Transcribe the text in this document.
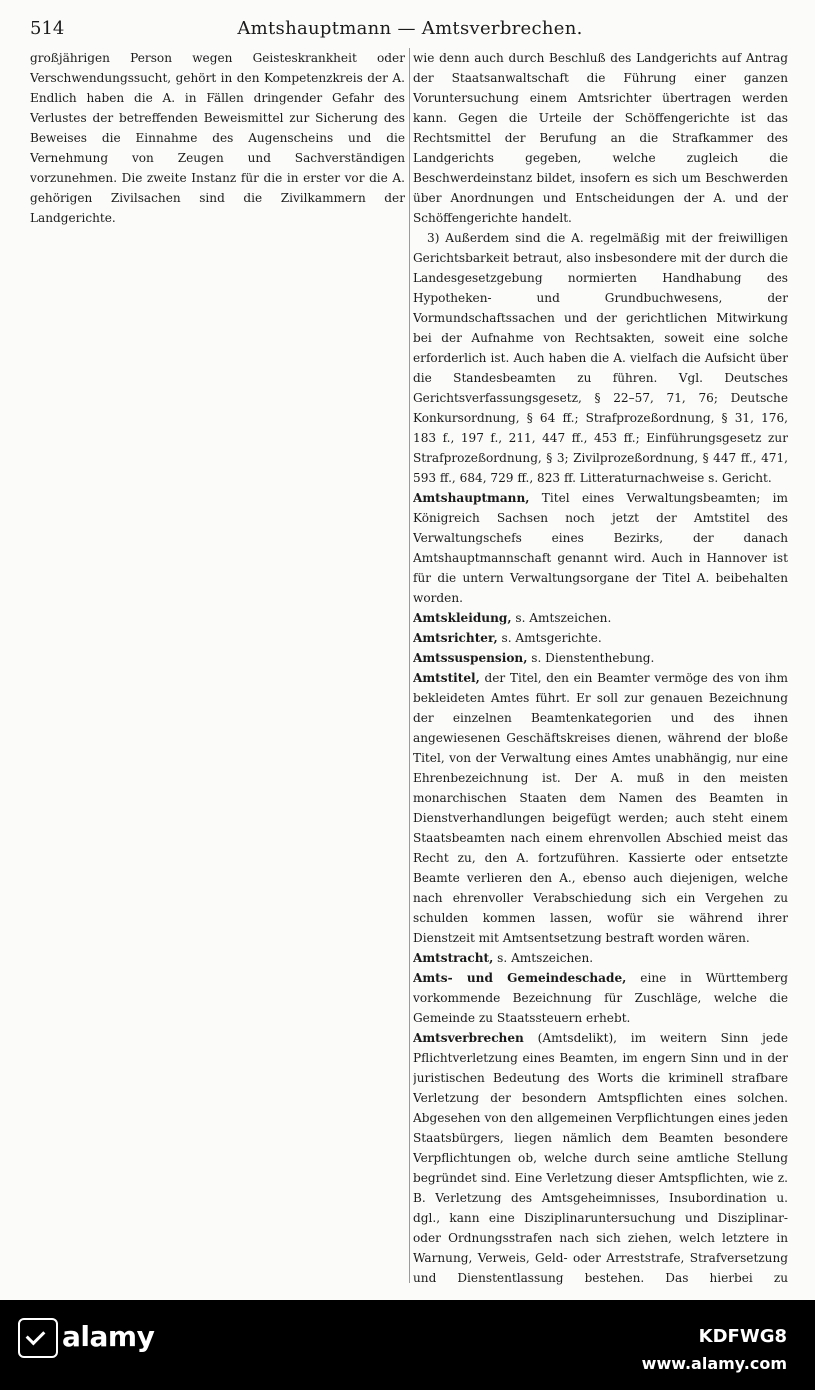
514	Amtshauptmann — Amtsverbrechen.

großjährigen Person wegen Geisteskrankheit oder Verschwendungssucht, gehört in den Kompetenzkreis der A. Endlich haben die A. in Fällen dringender Gefahr des Verlustes der betreffenden Beweismittel zur Sicherung des Beweises die Einnahme des Augenscheins und die Vernehmung von Zeugen und Sachverständigen vorzunehmen. Die zweite Instanz für die in erster vor die A. gehörigen Zivilsachen sind die Zivilkammern der Landgerichte.

wie denn auch durch Beschluß des Landgerichts auf Antrag der Staatsanwaltschaft die Führung einer ganzen Voruntersuchung einem Amtsrichter übertragen werden kann. Gegen die Urteile der Schöffengerichte ist das Rechtsmittel der Berufung an die Strafkammer des Landgerichts gegeben, welche zugleich die Beschwerdeinstanz bildet, insofern es sich um Beschwerden über Anordnungen und Entscheidungen der A. und der Schöffengerichte handelt.

3) Außerdem sind die A. regelmäßig mit der freiwilligen Gerichtsbarkeit betraut, also insbesondere mit der durch die Landesgesetzgebung normierten Handhabung des Hypotheken- und Grundbuchwesens, der Vormundschaftssachen und der gerichtlichen Mitwirkung bei der Aufnahme von Rechtsakten, soweit eine solche erforderlich ist. Auch haben die A. vielfach die Aufsicht über die Standesbeamten zu führen. Vgl. Deutsches Gerichtsverfassungsgesetz, § 22–57, 71, 76; Deutsche Konkursordnung, § 64 ff.; Strafprozeßordnung, § 31, 176, 183 f., 197 f., 211, 447 ff., 453 ff.; Einführungsgesetz zur Strafprozeßordnung, § 3; Zivilprozeßordnung, § 447 ff., 471, 593 ff., 684, 729 ff., 823 ff. Litteraturnachweise s. Gericht.

Amtshauptmann, Titel eines Verwaltungsbeamten; im Königreich Sachsen noch jetzt der Amtstitel des Verwaltungschefs eines Bezirks, der danach Amtshauptmannschaft genannt wird. Auch in Hannover ist für die untern Verwaltungsorgane der Titel A. beibehalten worden.

Amtskleidung, s. Amtszeichen.

Amtsrichter, s. Amtsgerichte.

Amtssuspension, s. Dienstenthebung.

Amtstitel, der Titel, den ein Beamter vermöge des von ihm bekleideten Amtes führt. Er soll zur genauen Bezeichnung der einzelnen Beamtenkategorien und des ihnen angewiesenen Geschäftskreises dienen, während der bloße Titel, von der Verwaltung eines Amtes unabhängig, nur eine Ehrenbezeichnung ist. Der A. muß in den meisten monarchischen Staaten dem Namen des Beamten in Dienstverhandlungen beigefügt werden; auch steht einem Staatsbeamten nach einem ehrenvollen Abschied meist das Recht zu, den A. fortzuführen. Kassierte oder entsetzte Beamte verlieren den A., ebenso auch diejenigen, welche nach ehrenvoller Verabschiedung sich ein Vergehen zu schulden kommen lassen, wofür sie während ihrer Dienstzeit mit Amtsentsetzung bestraft worden wären.

Amtstracht, s. Amtszeichen.

Amts- und Gemeindeschade, eine in Württemberg vorkommende Bezeichnung für Zuschläge, welche die Gemeinde zu Staatssteuern erhebt.

Amtsverbrechen (Amtsdelikt), im weitern Sinn jede Pflichtverletzung eines Beamten, im engern Sinn und in der juristischen Bedeutung des Worts die kriminell strafbare Verletzung der besondern Amtspflichten eines solchen. Abgesehen von den allgemeinen Verpflichtungen eines jeden Staatsbürgers, liegen nämlich dem Beamten besondere Verpflichtungen ob, welche durch seine amtliche Stellung begründet sind. Eine Verletzung dieser Amtspflichten, wie z. B. Verletzung des Amtsgeheimnisses, Insubordination u. dgl., kann eine Disziplinaruntersuchung und Disziplinar- oder Ordnungsstrafen nach sich ziehen, welch letztere in Warnung, Verweis, Geld- oder Arreststrafe, Strafversetzung und Dienstentlassung bestehen. Das hierbei zu

alamy	KDFWG8
www.alamy.com
